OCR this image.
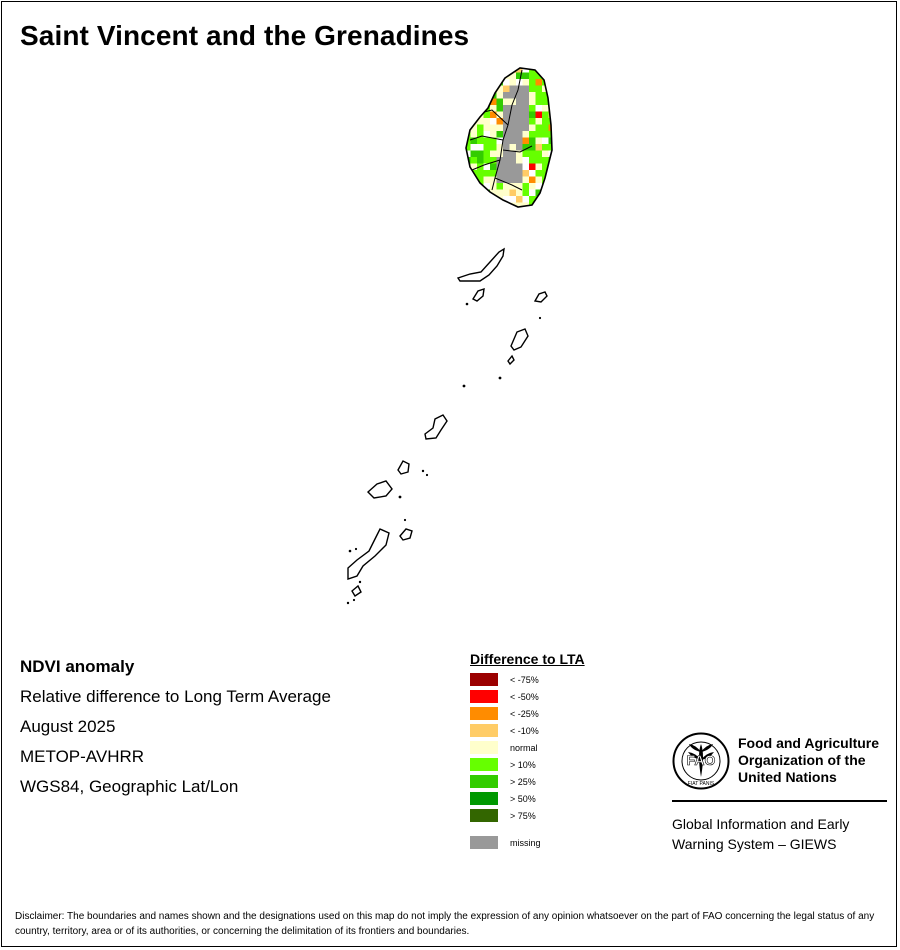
Saint Vincent and the Grenadines
NDVI anomaly
Relative difference to Long Term Average
August 2025
METOP-AVHRR
WGS84, Geographic Lat/Lon
Difference to LTA
< -75%
< -50%
< -25%
< -10%
normal
> 10%
> 25%
> 50%
> 75%
missing
FAO
FIAT PANIS
Food and Agriculture
Organization of the
United Nations
Global Information and Early
Warning System – GIEWS
Disclaimer: The boundaries and names shown and the designations used on this map do not imply the expression of any opinion whatsoever on the part of FAO concerning the legal status of any country, territory, area or of its authorities, or concerning the delimitation of its frontiers and boundaries.
